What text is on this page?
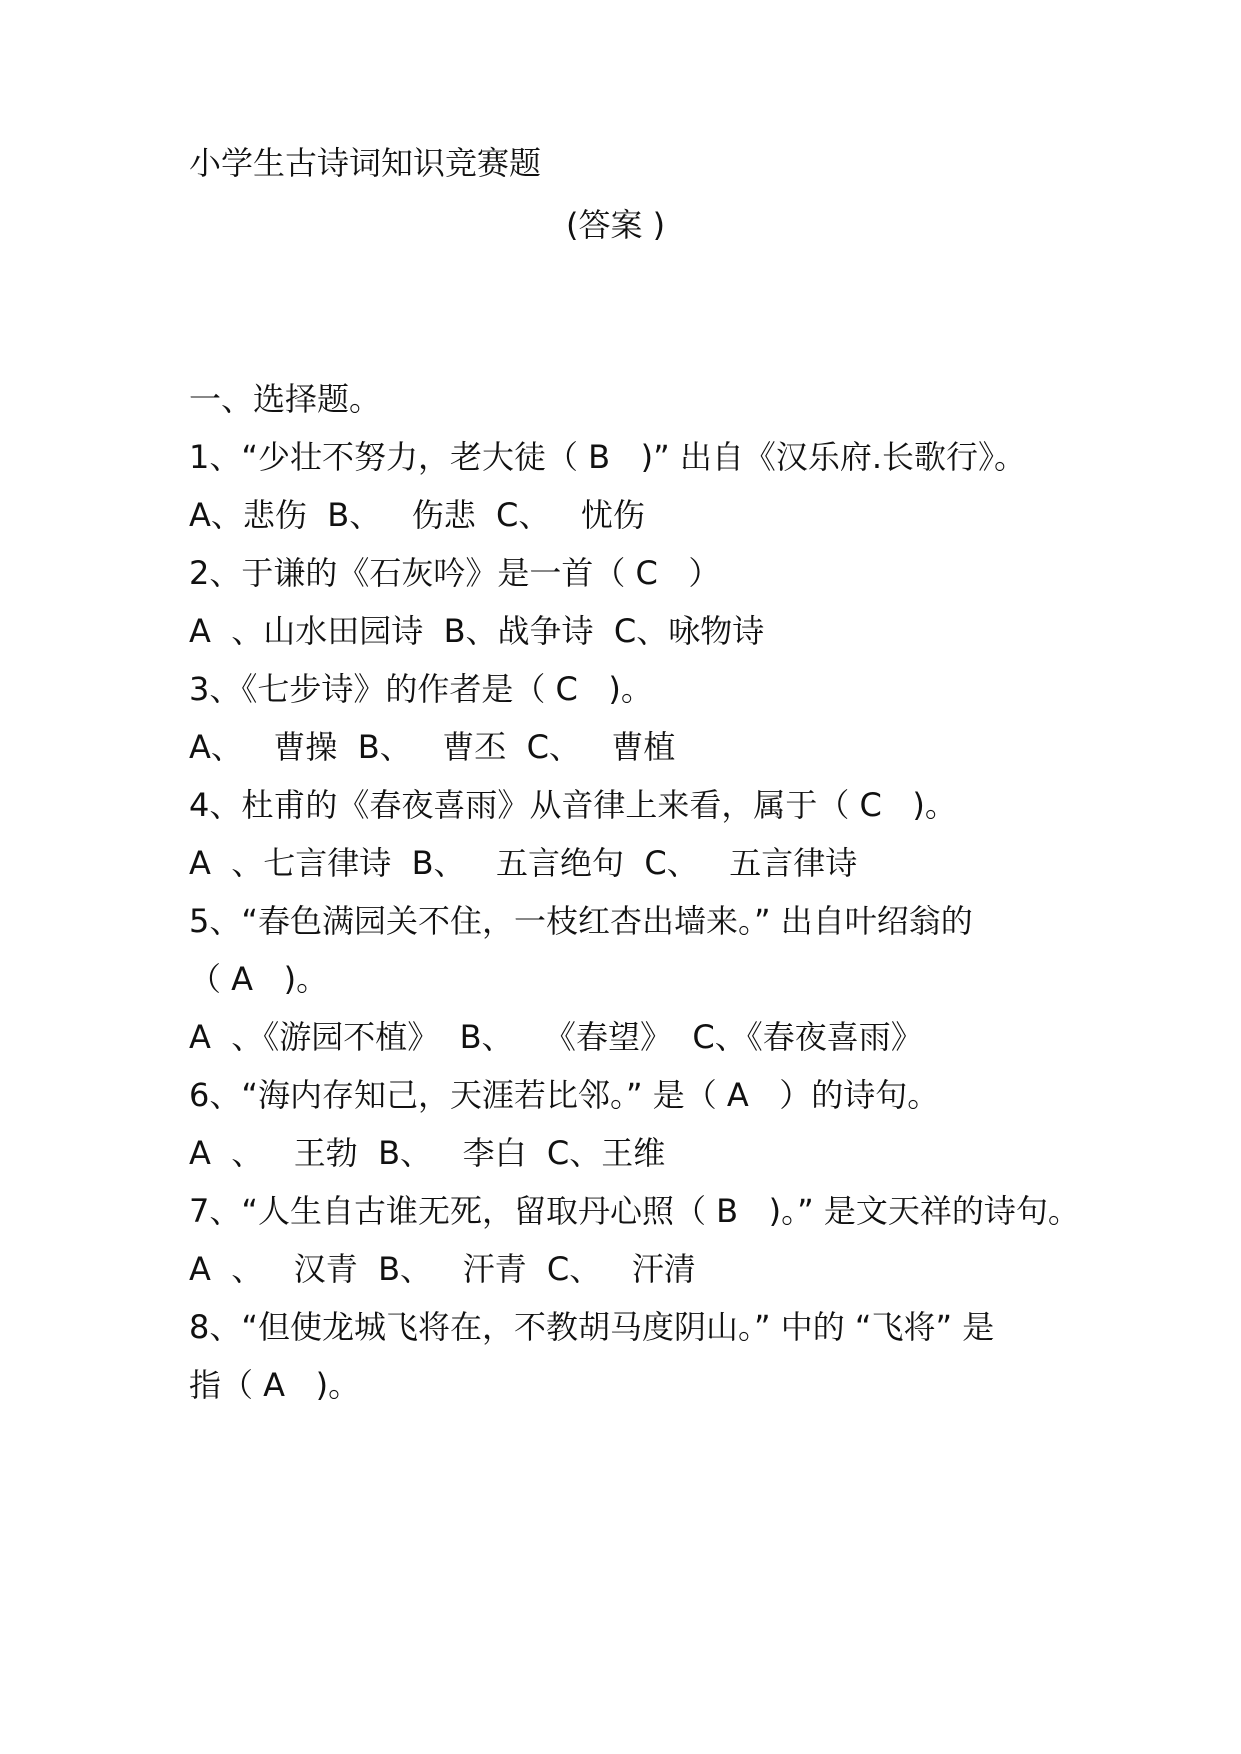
小学生古诗词知识竞赛题
(答案 )
一、选择题。
1、“少壮不努力，老大徒（ B   )” 出自《汉乐府.长歌行》。
A、悲伤  B、   伤悲  C、   忧伤
2、于谦的《石灰吟》是一首（ C   ）
A  、山水田园诗  B、战争诗  C、咏物诗
3、《七步诗》的作者是（ C   )。
A、   曹操  B、   曹丕  C、   曹植
4、杜甫的《春夜喜雨》从音律上来看，属于（ C   )。
A  、七言律诗  B、   五言绝句  C、   五言律诗
5、“春色满园关不住，一枝红杏出墙来。” 出自叶绍翁的
（ A   )。
A  、《游园不植》  B、   《春望》  C、《春夜喜雨》
6、“海内存知己，天涯若比邻。” 是（ A   ）的诗句。
A  、   王勃  B、   李白  C、王维
7、“人生自古谁无死，留取丹心照（ B   )。” 是文天祥的诗句。
A  、   汉青  B、   汗青  C、   汗清
8、“但使龙城飞将在，不教胡马度阴山。” 中的 “飞将” 是
指（ A   )。
